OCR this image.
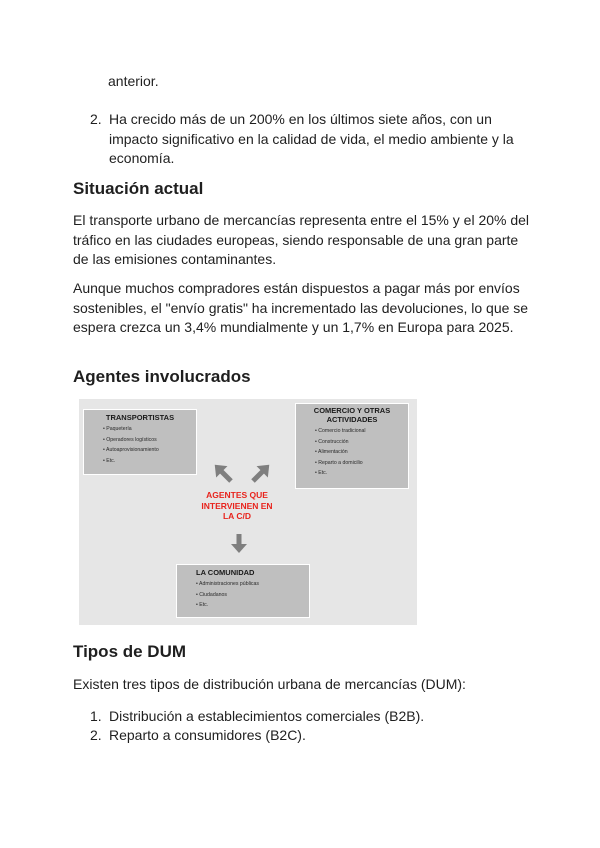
anterior.

2. Ha crecido más de un 200% en los últimos siete años, con un impacto significativo en la calidad de vida, el medio ambiente y la economía.
Situación actual

El transporte urbano de mercancías representa entre el 15% y el 20% del tráfico en las ciudades europeas, siendo responsable de una gran parte de las emisiones contaminantes.

Aunque muchos compradores están dispuestos a pagar más por envíos sostenibles, el "envío gratis" ha incrementado las devoluciones, lo que se espera crezca un 3,4% mundialmente y un 1,7% en Europa para 2025.

Agentes involucrados
TRANSPORTISTAS
• Paquetería
• Operadores logísticos
• Autoaprovisionamiento
• Etc.
COMERCIO Y OTRAS ACTIVIDADES
• Comercio tradicional
• Construcción
• Alimentación
• Reparto a domicilio
• Etc.
AGENTES QUE INTERVIENEN EN LA C/D
LA COMUNIDAD
• Administraciones públicas
• Ciudadanos
• Etc.
Tipos de DUM

Existen tres tipos de distribución urbana de mercancías (DUM):

1. Distribución a establecimientos comerciales (B2B).
2. Reparto a consumidores (B2C).
